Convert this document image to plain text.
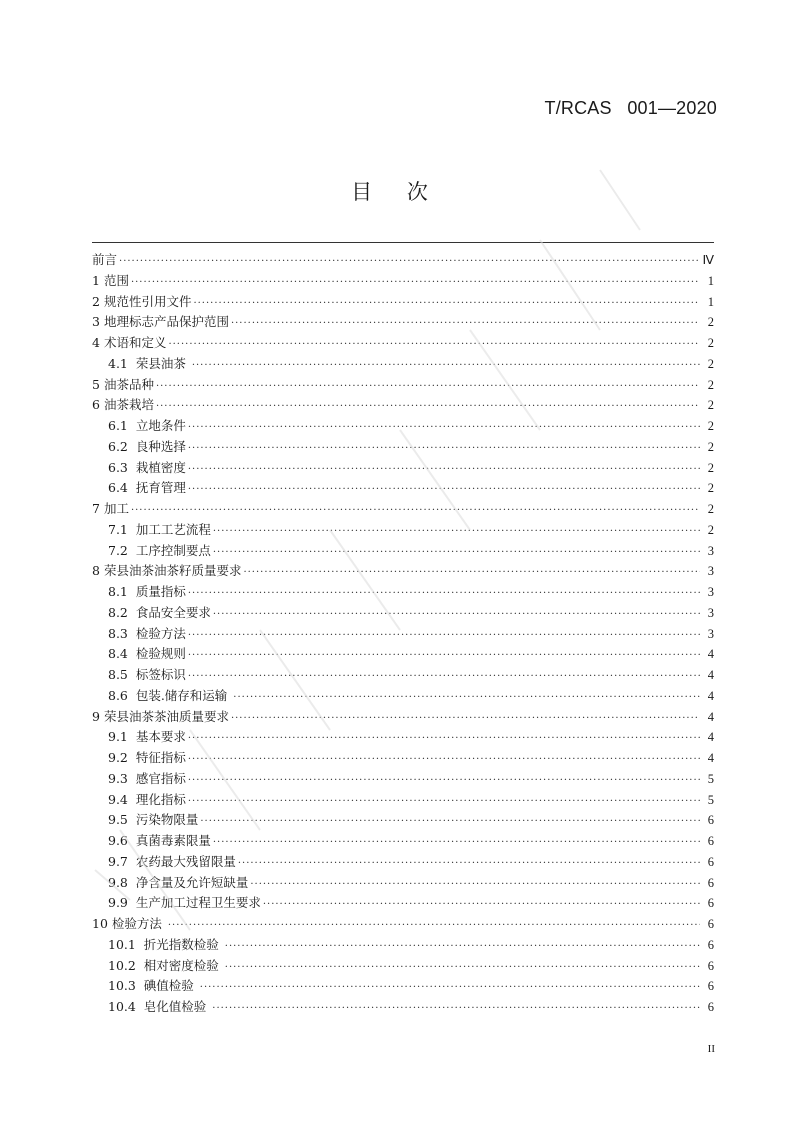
T/RCAS   001—2020
目 次
前言 ·····	Ⅳ
1 范围 ·····	1
2 规范性引用文件 ·····	1
3 地理标志产品保护范围 ·····	2
4 术语和定义 ·····	2
4.1 荣县油茶 ·····	2
5 油茶品种 ·····	2
6 油茶栽培 ·····	2
6.1 立地条件 ·····	2
6.2 良种选择 ·····	2
6.3 栽植密度 ·····	2
6.4 抚育管理 ·····	2
7 加工 ·····	2
7.1 加工工艺流程 ·····	2
7.2 工序控制要点 ·····	3
8 荣县油茶油茶籽质量要求 ·····	3
8.1 质量指标 ·····	3
8.2 食品安全要求 ·····	3
8.3 检验方法 ·····	3
8.4 检验规则 ·····	4
8.5 标签标识 ·····	4
8.6 包装.储存和运输 ·····	4
9 荣县油茶茶油质量要求 ·····	4
9.1 基本要求 ·····	4
9.2 特征指标 ·····	4
9.3 感官指标 ·····	5
9.4 理化指标 ·····	5
9.5 污染物限量 ·····	6
9.6 真菌毒素限量 ·····	6
9.7 农药最大残留限量 ·····	6
9.8 净含量及允许短缺量 ·····	6
9.9 生产加工过程卫生要求 ·····	6
10 检验方法 ·····	6
10.1 折光指数检验 ·····	6
10.2 相对密度检验 ·····	6
10.3 碘值检验 ·····	6
10.4 皂化值检验 ·····	6
II
